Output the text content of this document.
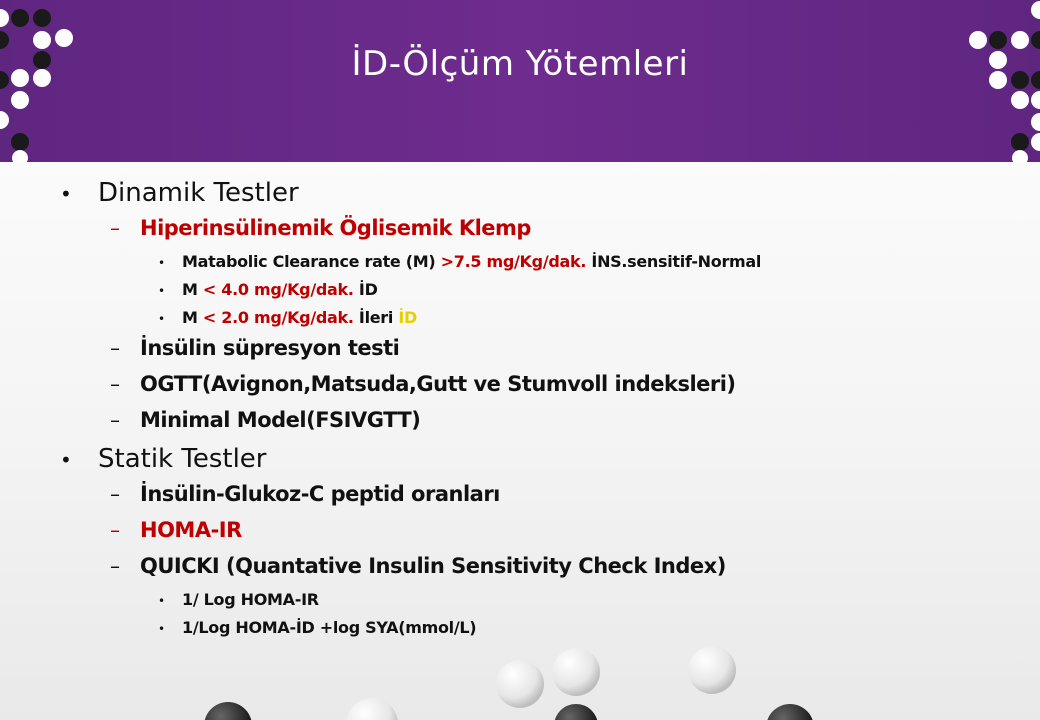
İD-Ölçüm Yötemleri
•	Dinamik Testler
– Hiperinsülinemik Öglisemik Klemp
•	Matabolic Clearance rate (M) >7.5 mg/Kg/dak. İNS.sensitif-Normal
•	M < 4.0 mg/Kg/dak. İD
•	M < 2.0 mg/Kg/dak. İleri İD
– İnsülin süpresyon testi
– OGTT(Avignon,Matsuda,Gutt ve Stumvoll indeksleri)
– Minimal Model(FSIVGTT)
•	Statik Testler
– İnsülin-Glukoz-C peptid oranları
– HOMA-IR
– QUICKI (Quantative Insulin Sensitivity Check Index)
•	1/ Log HOMA-IR
•	1/Log HOMA-İD +log SYA(mmol/L)
